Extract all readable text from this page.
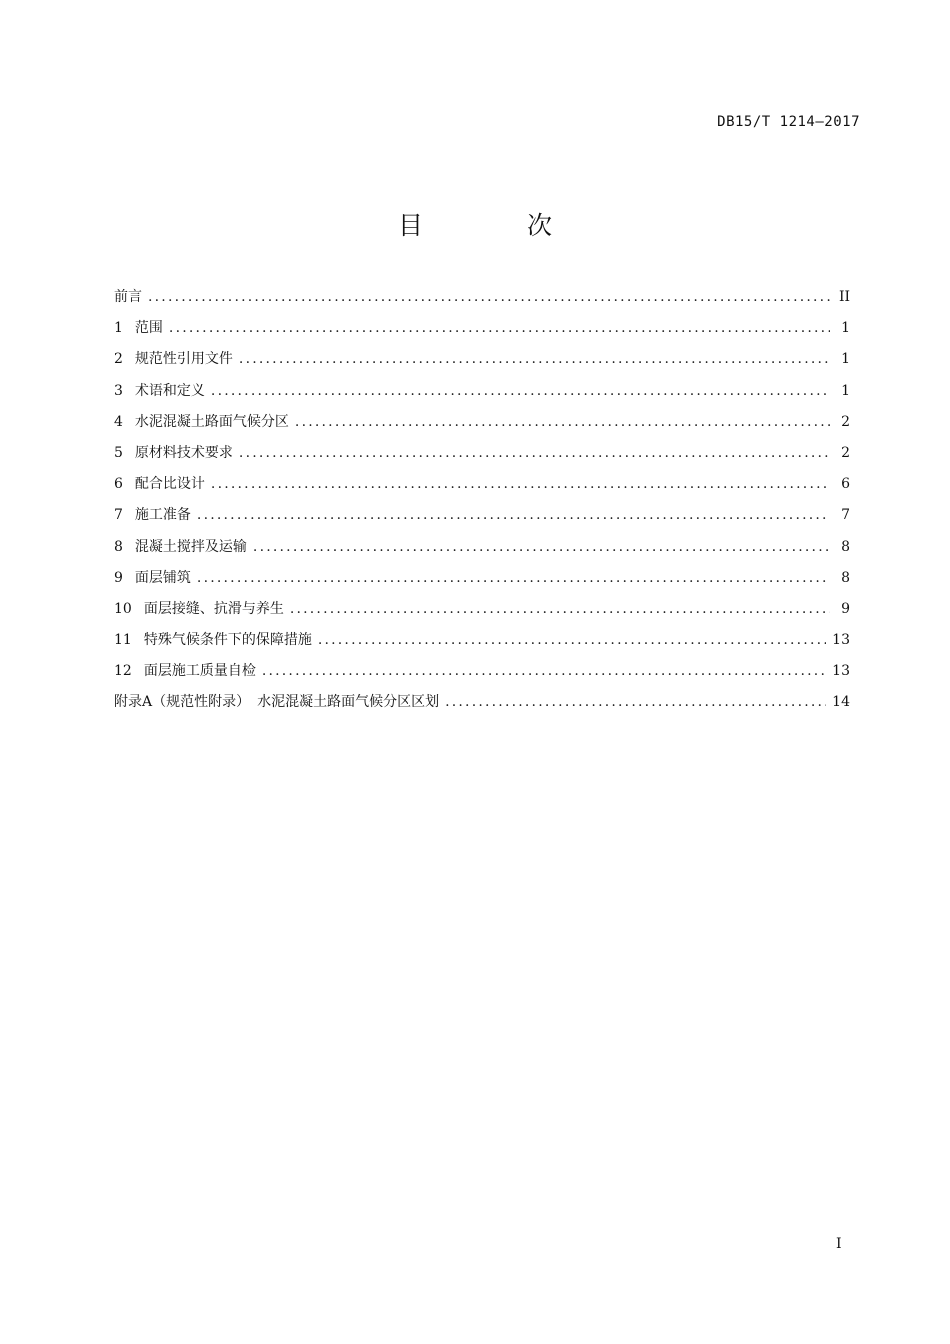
DB15/T 1214—2017
目 次
前言 .....	II
1 范围 .....	1
2 规范性引用文件 .....	1
3 术语和定义 .....	1
4 水泥混凝土路面气候分区 .....	2
5 原材料技术要求 .....	2
6 配合比设计 .....	6
7 施工准备 .....	7
8 混凝土搅拌及运输 .....	8
9 面层铺筑 .....	8
10 面层接缝、抗滑与养生 .....	9
11 特殊气候条件下的保障措施 .....	13
12 面层施工质量自检 .....	13
附录A（规范性附录）　水泥混凝土路面气候分区区划 .....	14
I
